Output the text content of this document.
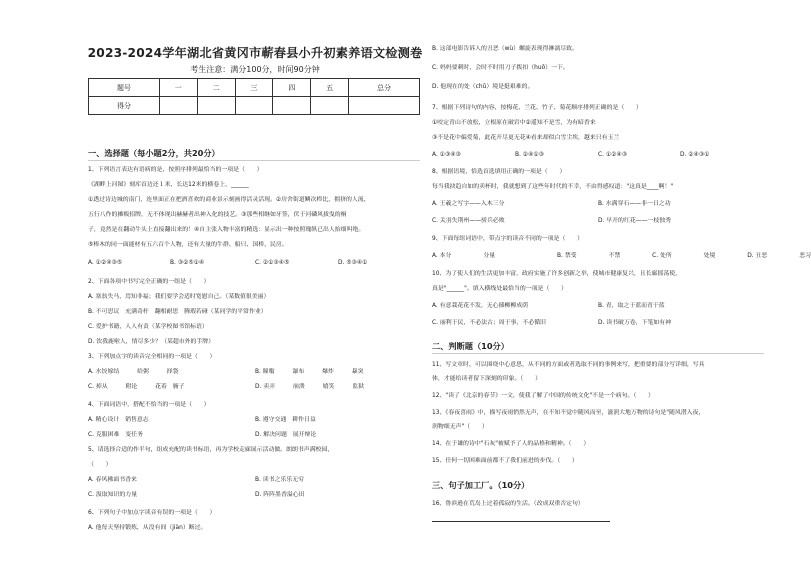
2023-2024学年湖北省黄冈市蕲春县小升初素养语文检测卷
考生注意：满分100分，时间90分钟
题号	一	二	三	四	五	总分
得分						
一、选择题（每小题2分，共20分）
1、下列语言表达有语病的是，按照序排列最恰当的一项是（　　）
《湖畔上河图》刻库首边还１米，长达12米的横卷上，______
①透过诗边城的南门，连里面正在把酒喜欢的商业景示刻画得活灵活现。②房舍街道鳞次栉比，拥挤的人流、
五行八作的摊贩招牌，无不体现出赫赫者出神入化的技艺。③那些相继如牙签，伏于河磷风拔曳的桐
子，竟然是在翻动牛头上直接翻出来的！④自主张入物丰富的精选：显示出一种按照瑰纵已出人抬细叫绝。
⑤棒木的同一面能材有五六百个人物，还有大量的牛群、船只、国桥、民房。
A. ①②④③⑤	B. ③②⑤①④	C. ②①③④⑤	D. ⑤③④①
2、下面各项中书写完全正确的一组是（　　）
A. 塞翁失马，焉知非福；我们要学会适时宽慰自己。（某数值很美丽）
B. 不可思议　充满奇杆　翻相耐思　腾瑕若碰（某同学的平常作业）
C. 爱护书籍，人人有责（某学校图书馆标语）
D. 饮我鹿啦人，情尽多少？（某超市外的手牌）
3、下列加点字的读音完全相同的一项是（　　）
A. 水饺嫁结	给粥	择袋	B. 瞳嗡	瀑布	爆炸	暴突
C. 掉从	附论	花着　腑子	D. 卖弄	崩溃	嬉笑	监狱
4、下面词语中，搭配不恰当的一项是（　　）
A. 精心设计　销售意志	B. 遵守交通　耕作日益
C. 克服困难　变任务	D. 解决问题　展开辩论
5、请选择合适的作半句，组成充配的读书标语，再为学校走廊展示活动做。朗朗书声满校园，
（　　）
A. 春风拂面书香来	B. 读书之乐乐无穷
C. 汲取知识的力量	D. 阵阵墨香溢心田
6、下列句子中加点字读音有误的一项是（　　）
A. 他每天坚持锻炼，从没有间（jiàn）断过。
B. 这部电影告诉人的丑恶（wù）螺旋表现得淋漓尽致。
C. 妈妈要刺时，会时不时用刀子拨扣（huō）一下。
D. 他现在的处（chǔ）境是挺艰难的。
7、根据下列诗句的内容，按梅花、兰花、竹子、菊花顺序排列正确的是（　　）
①咬定青山不放松，立根原在破岩中②遥知不是雪，为有暗香来
③不是花中偏爱菊，此花开尽更无花④看来却似白雪尘埃，越来只有玉兰
A. ①③④③	B. ②④①③	C. ①②④③	D. ②④③①
8、根据语境，恰选首选填用正确的一项是（　　）
每当我抉趋自如的卖杯时，我就想到了这些年时代的不幸，不由得感叹道："这真是____啊！"
A. 王羲之写字——入木三分	B. 水满穿石——非一日之功
C. 关羽失荆州——骄兵必败	D. 早开的红花——一枝独秀
9、下面每组词语中，带点字的读音不同的一项是（　　）
A. 本分	分量	B. 禁受	不禁	C. 处所	处境	D. 丑恶	恶习
10、为了使人们的生活更加丰富，政府实施了许多创新之举，使城市健康复兴，且长廊摇荡使，
真是"______"。填入横线处最恰当的一项是（　　）
A. 有意栽花花不发，无心插柳柳成荫	B. 青，取之于蓝而青于蓝
C. 丽利于民，不必法古；周于事，不必循旧	D. 读书破万卷，下笔如有神
二、判断题（10分）
11、写文章时，可以围绕中心意思，从不同的方面或者选取不同的事例来写，把重要的部分写详细，写具
体，才能给读者留下深刻的印象。（　　）
12、"读了《北京的春节》一文，使我了解了中国的传统文化"不是一个病句。（　　）
13、《春夜喜雨》中，描写夜雨悄然无声，在不知不觉中随风而至，滋润大地万物的诗句是"随风潜入夜，
润物细无声"（　　）
14、在于谦的诗中"石灰"被赋予了人的品格和精神。（　　）
15、任何一切困难面前都不了我们前进的步伐。（　　）
三、句子加工厂。（10分）
16、鲁滨逊在荒岛上过着孤寂的生活。（改成双重否定句）
